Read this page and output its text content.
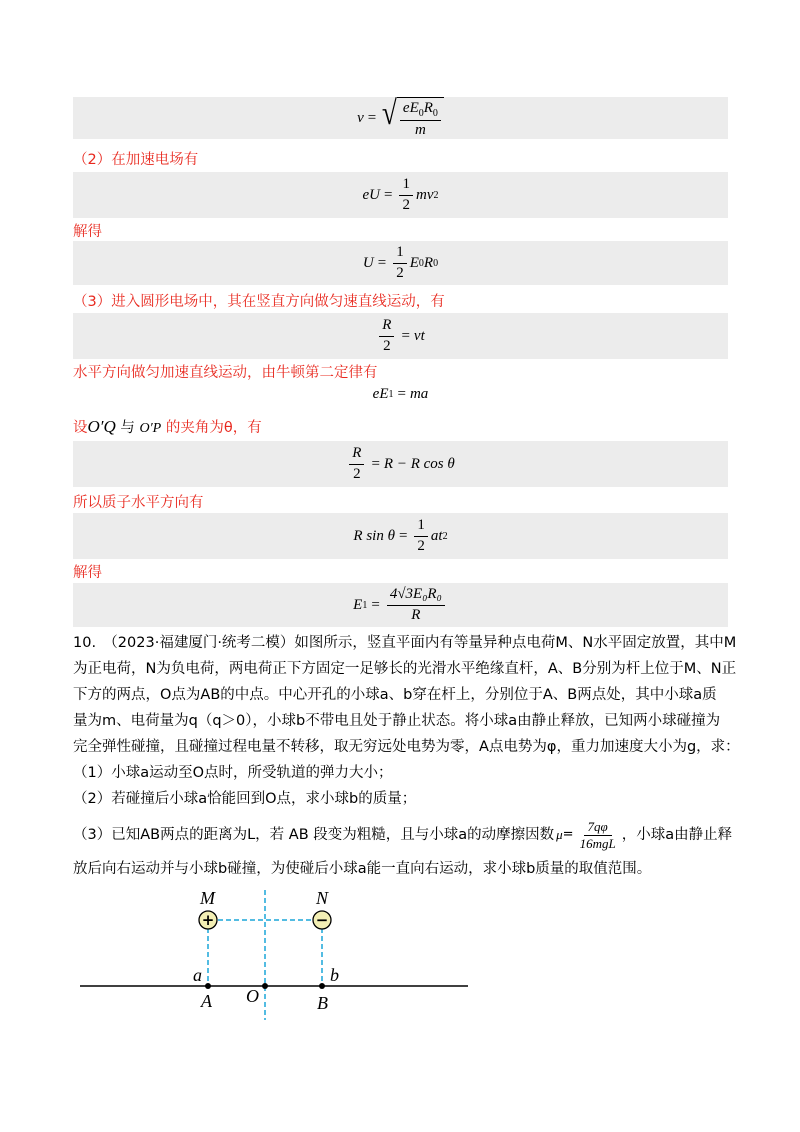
v = √ $\frac{eE_0R_0}{m}$
（2）在加速电场有
eU = $\frac{1}{2}$ mv 2
解得
$U = \frac{1}{2}$ E 0 R 0
（3）进入圆形电场中，其在竖直方向做匀速直线运动，有
$\frac{R}{2}$ = vt
水平方向做匀加速直线运动，由牛顿第二定律有
eE 1 = ma
设O′Q 与 O′P 的夹角为θ，有
$\frac{R}{2} = R - R$ cos θ
所以质子水平方向有
R $\sin \theta = \frac{1}{2}$ at 2
解得
E $1 = \frac{\text{4√3E₀R₀}}{R}$
10.　（2023·福建厦门·统考二模）如图所示，竖直平面内有等量异种点电荷M、N水平固定放置，其中M
为正电荷，N为负电荷，两电荷正下方固定一足够长的光滑水平绝缘直杆，A、B分别为杆上位于M、N正
下方的两点，O点为AB的中点。中心开孔的小球a、b穿在杆上，分别位于A、B两点处，其中小球a质
量为m、电荷量为q（q＞0），小球b不带电且处于静止状态。将小球a由静止释放，已知两小球碰撞为
完全弹性碰撞，且碰撞过程电量不转移，取无穷远处电势为零，A点电势为φ，重力加速度大小为g，求：
（1）小球a运动至O点时，所受轨道的弹力大小；
（2）若碰撞后小球a恰能回到O点，求小球b的质量；
（3）已知AB两点的距离为L，若 AB 段变为粗糙，且与小球a的动摩擦因数 $\mu = \frac{7q\varphi}{\text{16mgL}}$ ，小球a由静止释
放后向右运动并与小球b碰撞，为使碰后小球a能一直向右运动，求小球b质量的取值范围。
+	−
M	N
a	b
A O	B
